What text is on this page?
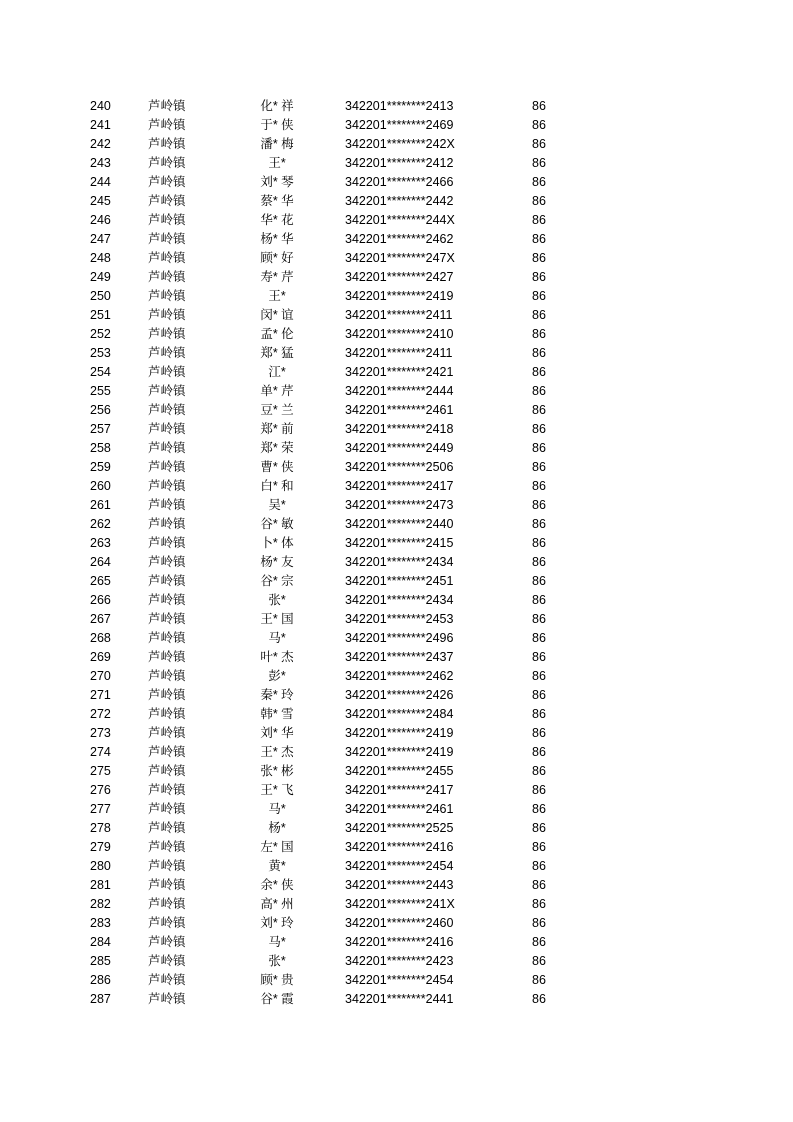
240	芦岭镇	化* 祥	342201********2413	86
241	芦岭镇	于* 侠	342201********2469	86
242	芦岭镇	潘* 梅	342201********242X	86
243	芦岭镇	王*	342201********2412	86
244	芦岭镇	刘* 琴	342201********2466	86
245	芦岭镇	蔡* 华	342201********2442	86
246	芦岭镇	华* 花	342201********244X	86
247	芦岭镇	杨* 华	342201********2462	86
248	芦岭镇	顾* 好	342201********247X	86
249	芦岭镇	寿* 芹	342201********2427	86
250	芦岭镇	王*	342201********2419	86
251	芦岭镇	闵* 谊	342201********2411	86
252	芦岭镇	孟* 伦	342201********2410	86
253	芦岭镇	郑* 猛	342201********2411	86
254	芦岭镇	江*	342201********2421	86
255	芦岭镇	单* 芹	342201********2444	86
256	芦岭镇	豆* 兰	342201********2461	86
257	芦岭镇	郑* 前	342201********2418	86
258	芦岭镇	郑* 荣	342201********2449	86
259	芦岭镇	曹* 侠	342201********2506	86
260	芦岭镇	白* 和	342201********2417	86
261	芦岭镇	吴*	342201********2473	86
262	芦岭镇	谷* 敏	342201********2440	86
263	芦岭镇	卜* 体	342201********2415	86
264	芦岭镇	杨* 友	342201********2434	86
265	芦岭镇	谷* 宗	342201********2451	86
266	芦岭镇	张*	342201********2434	86
267	芦岭镇	王* 国	342201********2453	86
268	芦岭镇	马*	342201********2496	86
269	芦岭镇	叶* 杰	342201********2437	86
270	芦岭镇	彭*	342201********2462	86
271	芦岭镇	秦* 玲	342201********2426	86
272	芦岭镇	韩* 雪	342201********2484	86
273	芦岭镇	刘* 华	342201********2419	86
274	芦岭镇	王* 杰	342201********2419	86
275	芦岭镇	张* 彬	342201********2455	86
276	芦岭镇	王* 飞	342201********2417	86
277	芦岭镇	马*	342201********2461	86
278	芦岭镇	杨*	342201********2525	86
279	芦岭镇	左* 国	342201********2416	86
280	芦岭镇	黄*	342201********2454	86
281	芦岭镇	余* 侠	342201********2443	86
282	芦岭镇	高* 州	342201********241X	86
283	芦岭镇	刘* 玲	342201********2460	86
284	芦岭镇	马*	342201********2416	86
285	芦岭镇	张*	342201********2423	86
286	芦岭镇	顾* 贵	342201********2454	86
287	芦岭镇	谷* 霞	342201********2441	86
